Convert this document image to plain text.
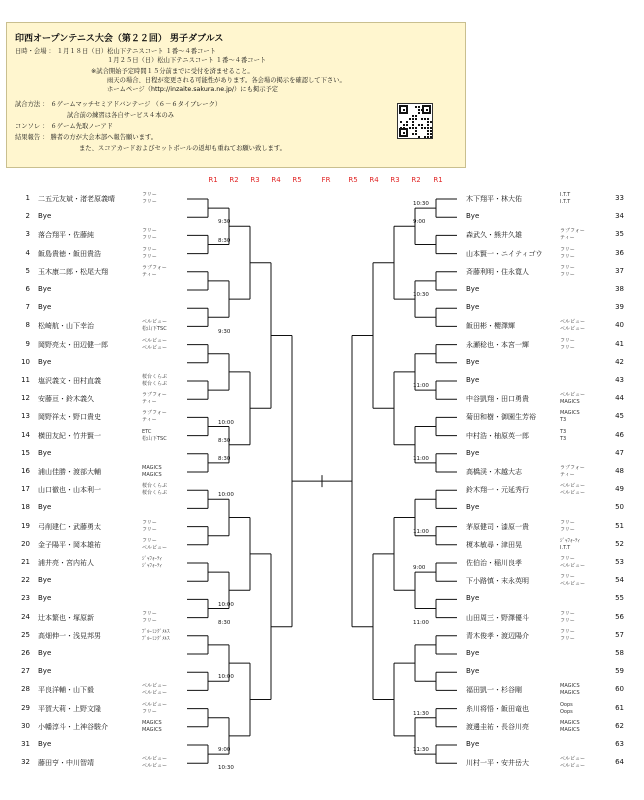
印西オープンテニス大会（第２２回） 男子ダブルス
日時・会場 ： １月１８日（日）松山下テニスコート １番～４番コート
１月２５日（日）松山下テニスコート １番～４番コート
※試合開始予定時間１５分前までに受付を済ませること。
雨天の場合、日程が変更される可能性があります。各会場の掲示を確認して下さい。
ホームページ（http://inzaite.sakura.ne.jp/）にも掲示予定
試合方法 ： ６ゲームマッチセミアドバンテージ （６－６タイブレーク）
試合前の練習は各自サービス４本のみ
コンソレ ： ６ゲーム先取ノーアド
結果報告 ： 勝者の方が大会本部へ報告願います。
また、スコアカードおよびセットボールの返却も重ねてお願い致します。
R1	R2	R3	R4	R5	FR	R5	R4	R3	R2	R1
1 二五元友斌・渚老原義晴	フリー
フリー
2 Bye
3 落合翔平・佐藤純	フリー
フリー
4 飯島貴徳・飯田貴浩	フリー
フリー
5 玉木康二郎・松尾大翔	ラブフォー
ティー
6 Bye
7 Bye
8 松崎航・山下幸治	ベルビュー
松山下TSC
9 岡野亮太・田辺健一郎	ベルビュー
ベルビュー
10 Bye
11 塩沢義文・田村直義	桜台くらぶ
桜台くらぶ
12 安藤亘・鈴木義久	ラブフォー
ティー
13 岡野祥太・野口貴史	ラブフォー
ティー
14 横田友紀・竹井賢一	ETC
松山下TSC
15 Bye
16 浦山佳勝・渡部大輔	MAGICS
MAGICS
17 山口徹也・山本利一	桜台くらぶ
桜台くらぶ
18 Bye
19 弓削建仁・武藤勇太	フリー
フリー
20 金子陽平・岡本雄祐	フリー
ベルビュー
21 浦井亮・宮内祐人	ｼﾞｬﾌｫｰﾃｨ
ｼﾞｬﾌｫｰﾃｨ
22 Bye
23 Bye
24 辻本繁也・塚原新	フリー
フリー
25 高畑伸一・浅見邦男	ﾌﾟﾙｰﾐﾝｸﾞﾒﾙｽ
ﾌﾟﾙｰﾐﾝｸﾞﾒﾙｽ
26 Bye
27 Bye
28 平良洋輔・山下毅	ベルビュー
ベルビュー
29 平賀大莉・上野文隆	ベルビュー
フリー
30 小幡淳斗・上神谷駿介	MAGICS
MAGICS
31 Bye
32 藤田亨・中川智靖	ベルビュー
ベルビュー
木下翔平・林大佑	33
I.T.T
I.T.T
Bye	34
森武久・熊井久雄	35
ラブフォー
ティー
山本賢一・ニイティゴウ	36
フリー
フリー
斉藤利明・住永寛人	37
フリー
フリー
Bye	38
Bye	39
飯田彬・櫻澤輝	40
ベルビュー
ベルビュー
永瀬稔也・本宮一輝	41
フリー
フリー
Bye	42
Bye	43
中谷凱翔・田口勇貴	44
ベルビュー
MAGICS
菊田和樹・御園生芳裕	45
MAGICS
T3
中村浩・柚原英一郎	46
T3
T3
Bye	47
高橋渓・木越大志	48
ラブフォー
ティー
鈴木翔一・元延秀行	49
ベルビュー
ベルビュー
Bye	50
茅原健司・漆原一貴	51
フリー
フリー
榎本敏尋・津田晃	52
ｼﾞｬﾌｫｰﾃｨ
I.T.T
佐伯治・稲川良孝	53
フリー
ベルビュー
下小路慎・末永英明	54
フリー
ベルビュー
Bye	55
山田周三・野澤優斗	56
フリー
フリー
青木俊孝・渡辺陽介	57
フリー
フリー
Bye	58
Bye	59
福田凱一・杉谷剛	60
MAGICS
MAGICS
糸川将悟・飯田竜也	61
Oops
Oops
渡邊圭祐・長谷川亮	62
MAGICS
MAGICS
Bye	63
川村一平・安井岳大	64
ベルビュー
ベルビュー
9:30
8:30
9:30
10:00
8:30
8:30
10:00
10:00
8:30
10:00
9:00
10:30
10:30
9:00
10:30
11:00
11:00
11:00
9:00
11:00
11:30
11:30
